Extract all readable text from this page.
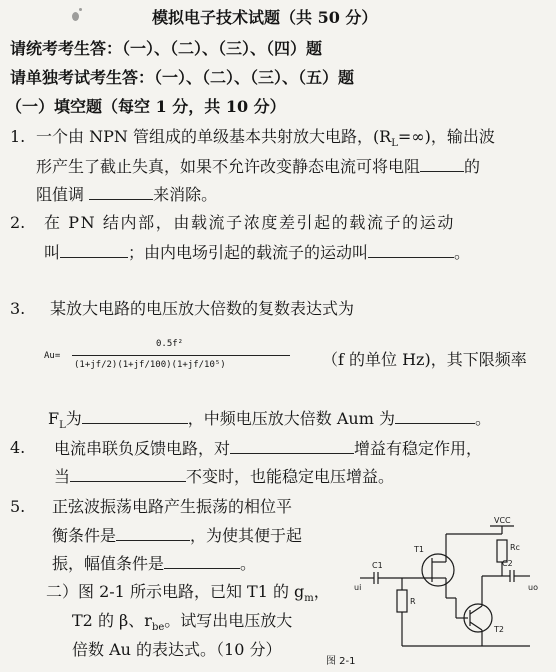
模拟电子技术试题（共 50 分）
请统考考生答：（一）、（二）、（三）、（四）题
请单独考试考生答：（一）、（二）、（三）、（五）题
（一）填空题（每空 1 分，共 10 分）
1. 一个由 NPN 管组成的单级基本共射放大电路，$(R_L=\infty)$，输出波
形产生了截止失真，如果不允许改变静态电流可将电阻	的
阻值调	来消除。
2. 在 PN 结内部，由载流子浓度差引起的载流子的运动
叫	；由内电场引起的载流子的运动叫	。
3. 某放大电路的电压放大倍数的复数表达式为
Au=
0.5f²
(1+jf/2)(1+jf/100)(1+jf/10⁵)	（f 的单位 Hz)，其下限频率
$F_L$为	，中频电压放大倍数 Aum 为	。
4. 电流串联负反馈电路，对	增益有稳定作用，
当	不变时，也能稳定电压增益。
5. 正弦波振荡电路产生振荡的相位平
衡条件是	，为使其便于起
振，幅值条件是	。
二）图 2-1 所示电路，已知 T1 的 $g_m$，
T2 的 β、$r_{be}$。试写出电压放大
倍数 Au 的表达式。（10 分）
VCC
Rc
T1
C1
ui
R
T2
C2
uo
图 2-1
